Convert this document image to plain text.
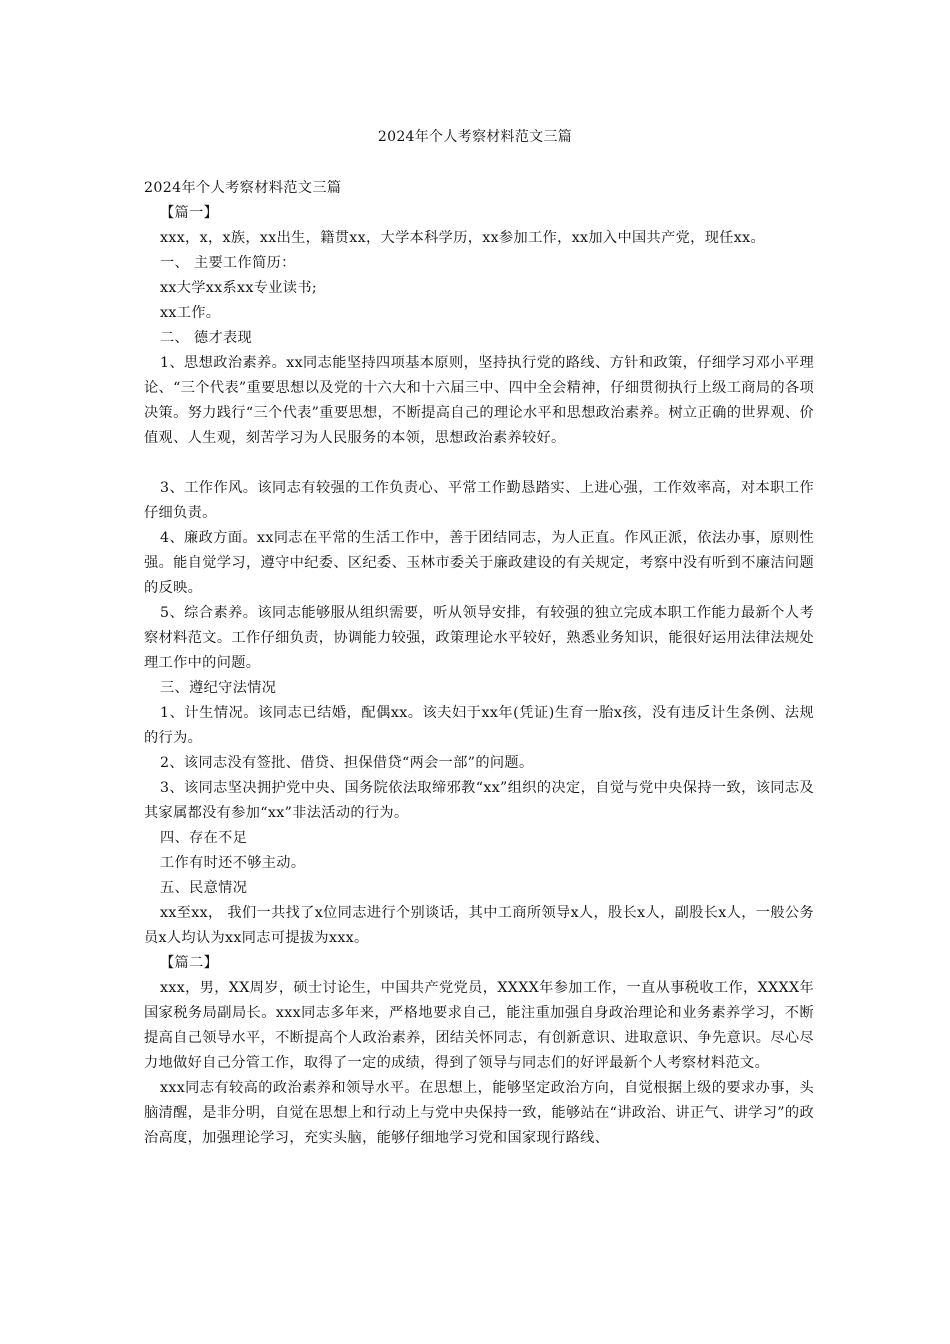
2024年个人考察材料范文三篇

2024年个人考察材料范文三篇

【篇一】

xxx，x，x族，xx出生，籍贯xx，大学本科学历，xx参加工作，xx加入中国共产党，现任xx。

一、 主要工作简历：

xx大学xx系xx专业读书;

xx工作。

二、 德才表现

1、思想政治素养。xx同志能坚持四项基本原则，坚持执行党的路线、方针和政策，仔细学习邓小平理论、“三个代表”重要思想以及党的十六大和十六届三中、四中全会精神，仔细贯彻执行上级工商局的各项决策。努力践行“三个代表”重要思想，不断提高自己的理论水平和思想政治素养。树立正确的世界观、价值观、人生观，刻苦学习为人民服务的本领，思想政治素养较好。

3、工作作风。该同志有较强的工作负责心、平常工作勤恳踏实、上进心强，工作效率高，对本职工作仔细负责。

4、廉政方面。xx同志在平常的生活工作中，善于团结同志，为人正直。作风正派，依法办事，原则性强。能自觉学习，遵守中纪委、区纪委、玉林市委关于廉政建设的有关规定，考察中没有听到不廉洁问题的反映。

5、综合素养。该同志能够服从组织需要，听从领导安排，有较强的独立完成本职工作能力最新个人考察材料范文。工作仔细负责，协调能力较强，政策理论水平较好，熟悉业务知识，能很好运用法律法规处理工作中的问题。

三、遵纪守法情况

1、计生情况。该同志已结婚，配偶xx。该夫妇于xx年(凭证)生育一胎x孩，没有违反计生条例、法规的行为。

2、该同志没有签批、借贷、担保借贷“两会一部”的问题。

3、该同志坚决拥护党中央、国务院依法取缔邪教“xx”组织的决定，自觉与党中央保持一致，该同志及其家属都没有参加“xx”非法活动的行为。

四、存在不足

工作有时还不够主动。

五、民意情况

xx至xx， 我们一共找了x位同志进行个别谈话，其中工商所领导x人，股长x人，副股长x人，一般公务员x人均认为xx同志可提拔为xxx。

【篇二】

xxx，男，XX周岁，硕士讨论生，中国共产党党员，XXXX年参加工作，一直从事税收工作，XXXX年国家税务局副局长。xxx同志多年来，严格地要求自己，能注重加强自身政治理论和业务素养学习，不断提高自己领导水平，不断提高个人政治素养，团结关怀同志，有创新意识、进取意识、争先意识。尽心尽力地做好自己分管工作，取得了一定的成绩，得到了领导与同志们的好评最新个人考察材料范文。

xxx同志有较高的政治素养和领导水平。在思想上，能够坚定政治方向，自觉根据上级的要求办事，头脑清醒，是非分明，自觉在思想上和行动上与党中央保持一致，能够站在“讲政治、讲正气、讲学习”的政治高度，加强理论学习，充实头脑，能够仔细地学习党和国家现行路线、
